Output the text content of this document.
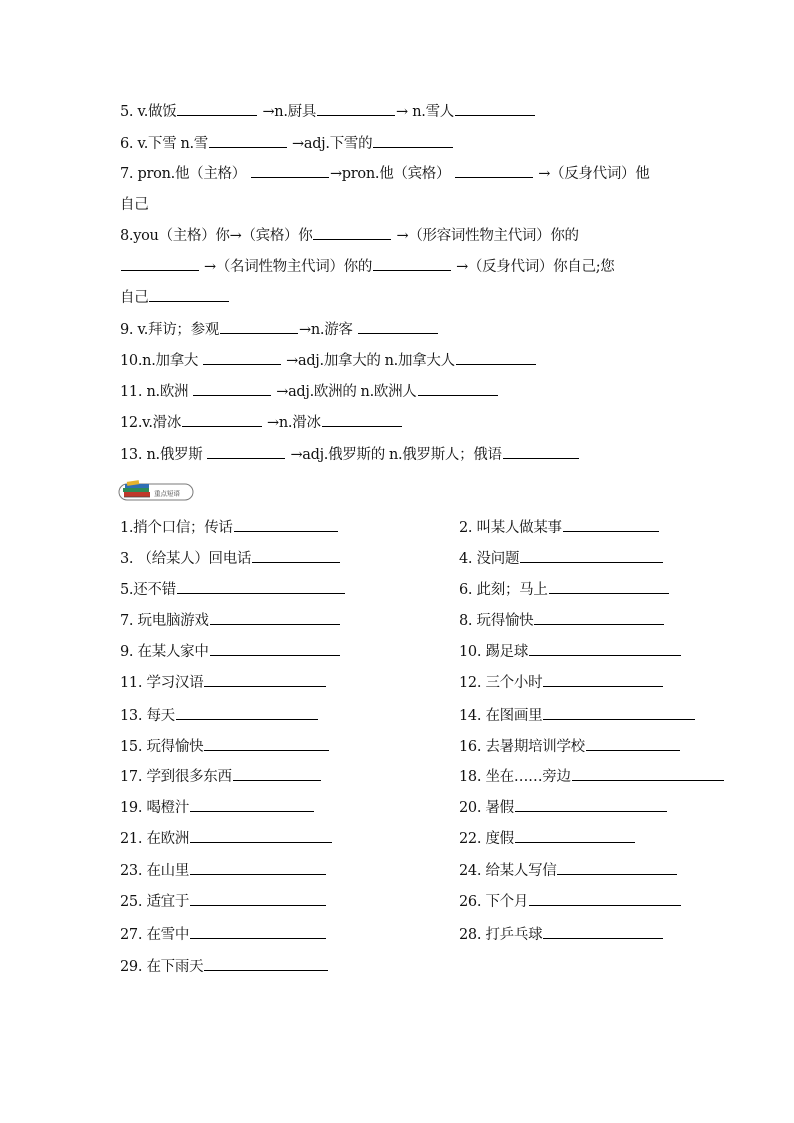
5. v.做饭	→n.厨具	→ n.雪人
6. v.下雪 n.雪	→adj.下雪的
7. pron.他（主格）	→pron.他（宾格）	→（反身代词）他
自己
8.you（主格）你→（宾格）你	→（形容词性物主代词）你的
→（名词性物主代词）你的	→（反身代词）你自己;您
自己
9. v.拜访；参观	→n.游客
10.n.加拿大	→adj.加拿大的 n.加拿大人
11. n.欧洲	→adj.欧洲的 n.欧洲人
12.v.滑冰	→n.滑冰
13. n.俄罗斯	→adj.俄罗斯的 n.俄罗斯人；俄语
重点短语
1.捎个口信；传话	2. 叫某人做某事
3. （给某人）回电话	4. 没问题
5.还不错	6. 此刻；马上
7. 玩电脑游戏	8. 玩得愉快
9. 在某人家中	10. 踢足球
11. 学习汉语	12. 三个小时
13. 每天	14. 在图画里
15. 玩得愉快	16. 去暑期培训学校
17. 学到很多东西	18. 坐在……旁边
19. 喝橙汁	20. 暑假
21. 在欧洲	22. 度假
23. 在山里	24. 给某人写信
25. 适宜于	26. 下个月
27. 在雪中	28. 打乒乓球
29. 在下雨天
